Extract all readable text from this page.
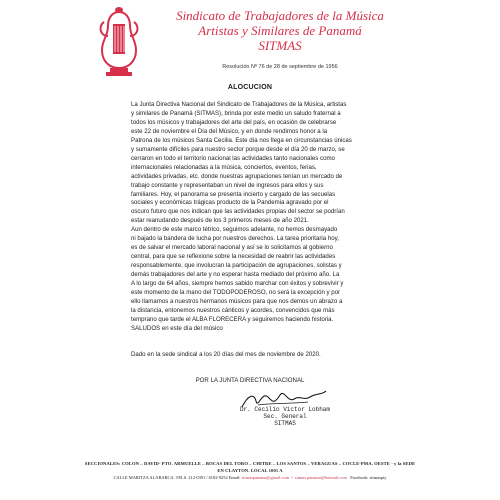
Sindicato de Trabajadores de la Música
Artistas y Similares de Panamá
SITMAS
Resolución Nº 76 de 28 de septiembre de 1956
ALOCUCION

La Junta Directiva Nacional del Sindicato de Trabajadores de la Música, artistas
y similares de Panamá (SITMAS), brinda por este medio un saludo fraternal a
todos los músicos y trabajadores del arte del país, en ocasión de celebrarse
este 22 de noviembre el Día del Músico, y en donde rendimos honor a la
Patrona de los músicos Santa Cecilia. Este día nos llega en circunstancias únicas
y sumamente difíciles para nuestro sector porque desde el día 20 de marzo, se
cerraron en todo el territorio nacional las actividades tanto nacionales como
internacionales relacionadas a la música, conciertos, eventos, ferias,
actividades privadas, etc. donde nuestras agrupaciones tenían un mercado de
trabajo constante y representaban un nivel de ingresos para ellos y sus
familiares. Hoy, el panorama se presenta incierto y cargado de las secuelas
sociales y económicas trágicas producto de la Pandemia agravado por el
oscuro futuro que nos indican que las actividades propias del sector se podrían
estar reanudando después de los 3 primeros meses de año 2021.
Aun dentro de este marco tétrico, seguimos adelante, no hemos desmayado
ni bajado la bandera de lucha por nuestros derechos. La tarea prioritaria hoy,
es de salvar el mercado laboral nacional y así se lo solicitamos al gobierno
central, para que se reflexione sobre la necesidad de reabrir las actividades
responsablemente, que involucran la participación de agrupaciones, solistas y
demás trabajadores del arte y no esperar hasta mediado del próximo año. La
A lo largo de 64 años, siempre hemos sabido marchar con éxitos y sobrevivir y
este momento de la mano del TODOPODEROSO, no será la excepción y por
ello llamamos a nuestros hermanos músicos para que nos demos un abrazo a
la distancia, entonemos nuestros cánticos y acordes, convencidos que más
temprano que tarde el ALBA FLORECERA y seguiremos haciendo historia.
SALUDOS en este día del músico

Dado en la sede sindical a los 20 días del mes de noviembre de 2020.
POR LA JUNTA DIRECTIVA NACIONAL
Dr. Cecilio Víctor Lobham
Sec. General
SITMAS
SECCIONALES: COLON – DAVID- PTO. ARMUELLE – BOCAS DEL TORO – CHITRE – LOS SANTOS – VERAGUAS – COCLE-PMA. OESTE - y la SEDE
EN CLAYTON. LOCAL 1001 A
CALLE MARITZA ALABARCA. TELS. 212-0391 / 6182-9252 Email: sitmaspanama@gmail.com  /  sitmas.panama@hotmail.com Facebook: sitmaspty
